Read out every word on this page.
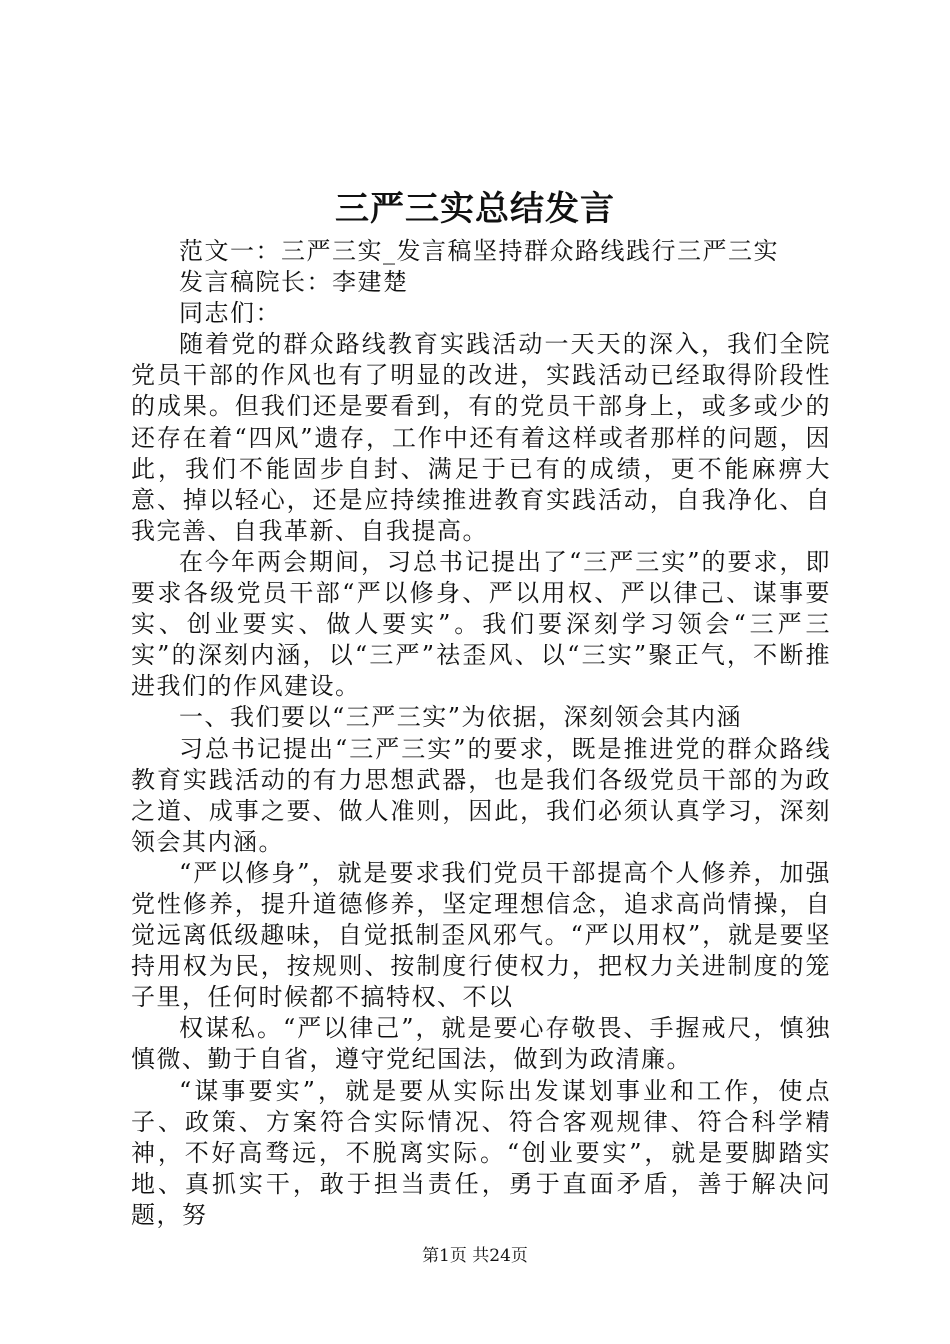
三严三实总结发言

范文一：三严三实_发言稿坚持群众路线践行三严三实

发言稿院长：李建楚

同志们：

随着党的群众路线教育实践活动一天天的深入，我们全院党员干部的作风也有了明显的改进，实践活动已经取得阶段性的成果。但我们还是要看到，有的党员干部身上，或多或少的还存在着“四风”遗存，工作中还有着这样或者那样的问题，因此，我们不能固步自封、满足于已有的成绩，更不能麻痹大意、掉以轻心，还是应持续推进教育实践活动，自我净化、自我完善、自我革新、自我提高。

在今年两会期间，习总书记提出了“三严三实”的要求，即要求各级党员干部“严以修身、严以用权、严以律己、谋事要实、创业要实、做人要实”。我们要深刻学习领会“三严三实”的深刻内涵，以“三严”祛歪风、以“三实”聚正气，不断推进我们的作风建设。

一、我们要以“三严三实”为依据，深刻领会其内涵

习总书记提出“三严三实”的要求，既是推进党的群众路线教育实践活动的有力思想武器，也是我们各级党员干部的为政之道、成事之要、做人准则，因此，我们必须认真学习，深刻领会其内涵。

“严以修身”，就是要求我们党员干部提高个人修养，加强党性修养，提升道德修养，坚定理想信念，追求高尚情操，自觉远离低级趣味，自觉抵制歪风邪气。“严以用权”，就是要坚持用权为民，按规则、按制度行使权力，把权力关进制度的笼子里，任何时候都不搞特权、不以

权谋私。“严以律己”，就是要心存敬畏、手握戒尺，慎独慎微、勤于自省，遵守党纪国法，做到为政清廉。

“谋事要实”，就是要从实际出发谋划事业和工作，使点子、政策、方案符合实际情况、符合客观规律、符合科学精神，不好高骛远，不脱离实际。“创业要实”，就是要脚踏实地、真抓实干，敢于担当责任，勇于直面矛盾，善于解决问题，努

第1页 共24页
